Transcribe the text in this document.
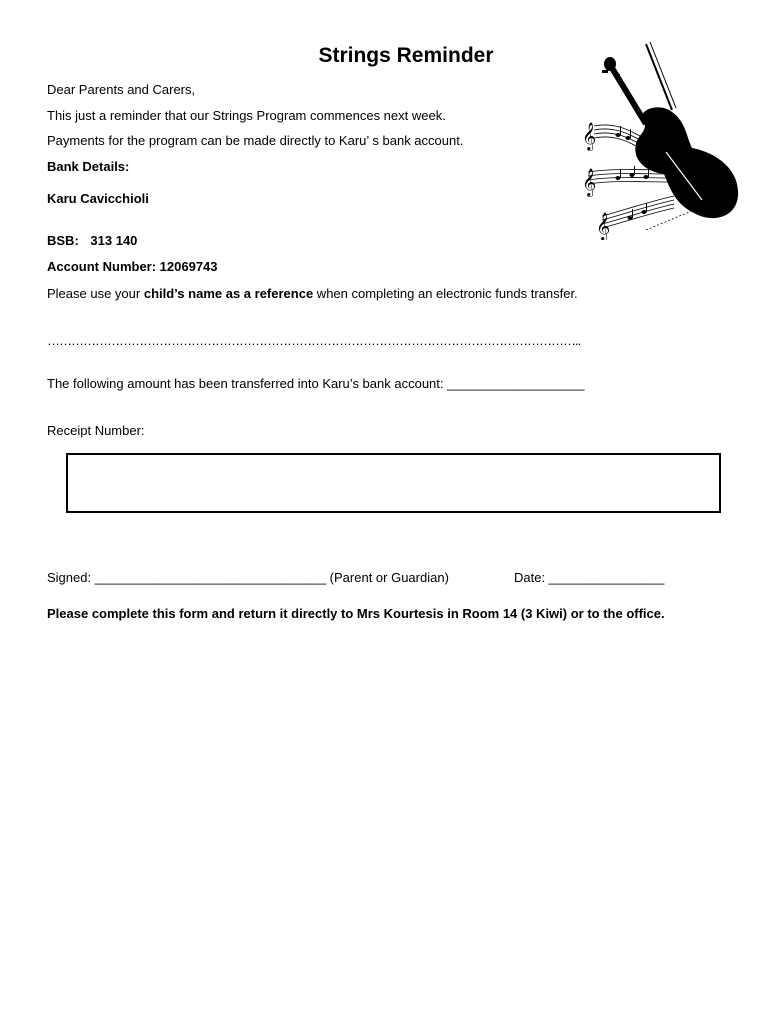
Strings Reminder
Dear Parents and Carers,
This just a reminder that our Strings Program commences next week.
Payments for the program can be made directly to Karu’ s bank account.
Bank Details:
Karu Cavicchioli
BSB: 313 140
Account Number: 12069743
Please use your child’s name as a reference when completing an electronic funds transfer.
……………………………………………………………………………………………………………………..
The following amount has been transferred into Karu’s bank account: ___________________
Receipt Number:
Signed: ________________________________ (Parent or Guardian)	Date: ________________
Please complete this form and return it directly to Mrs Kourtesis in Room 14 (3 Kiwi) or to the office.
𝄞
𝄞
𝄞
